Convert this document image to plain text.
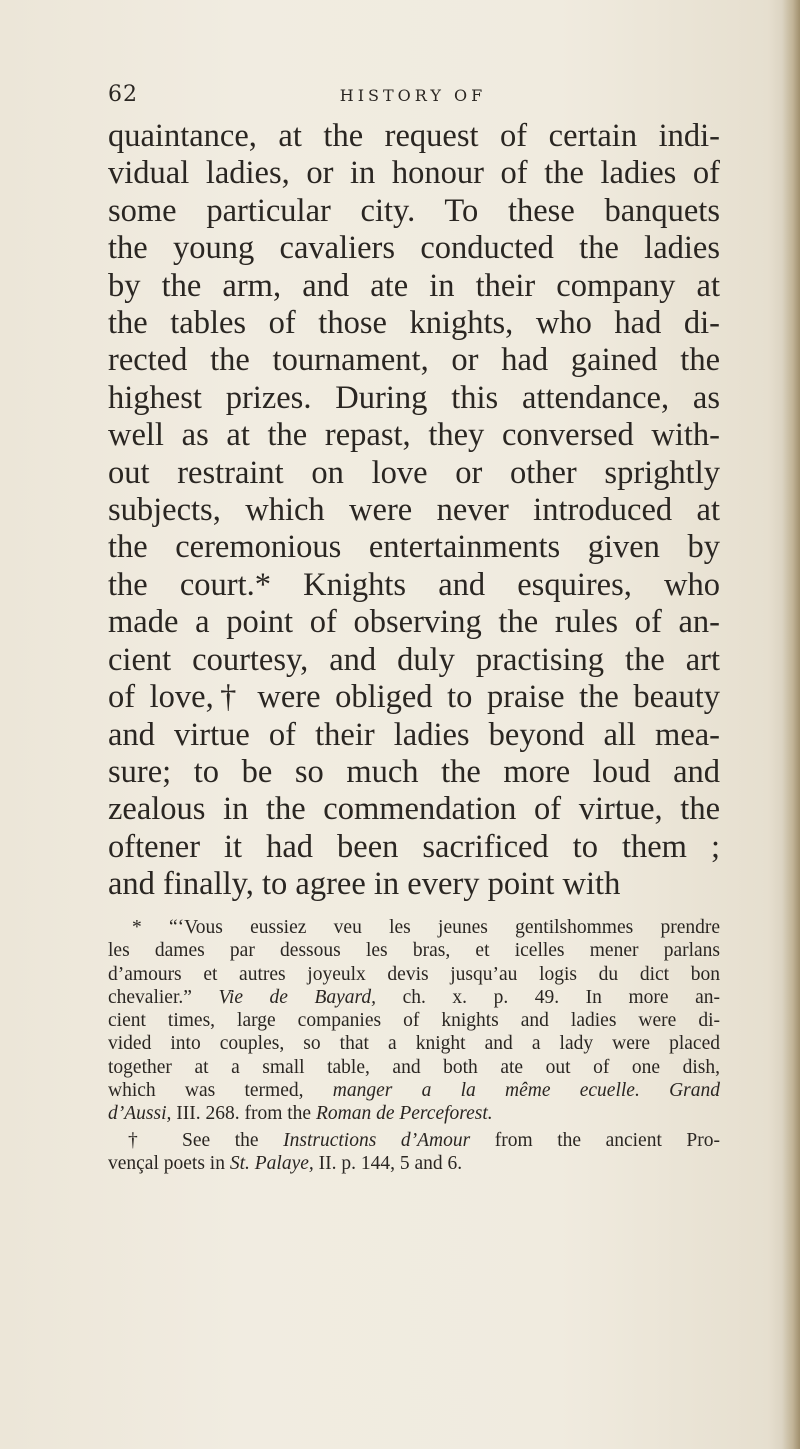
62	HISTORY OF
quaintance, at the request of certain indi-
vidual ladies, or in honour of the ladies of
some particular city. To these banquets
the young cavaliers conducted the ladies
by the arm, and ate in their company at
the tables of those knights, who had di-
rected the tournament, or had gained the
highest prizes. During this attendance, as
well as at the repast, they conversed with-
out restraint on love or other sprightly
subjects, which were never introduced at
the ceremonious entertainments given by
the court.* Knights and esquires, who
made a point of observing the rules of an-
cient courtesy, and duly practising the art
of love,† were obliged to praise the beauty
and virtue of their ladies beyond all mea-
sure; to be so much the more loud and
zealous in the commendation of virtue, the
oftener it had been sacrificed to them ;
and finally, to agree in every point with
* “‘Vous eussiez veu les jeunes gentilshommes prendre
les dames par dessous les bras, et icelles mener parlans
d’amours et autres joyeulx devis jusqu’au logis du dict bon
chevalier.” Vie de Bayard, ch. x. p. 49. In more an-
cient times, large companies of knights and ladies were di-
vided into couples, so that a knight and a lady were placed
together at a small table, and both ate out of one dish,
which was termed, manger a la même ecuelle. Grand
d’Aussi, III. 268. from the Roman de Perceforest.
† See the Instructions d’Amour from the ancient Pro-
vençal poets in St. Palaye, II. p. 144, 5 and 6.
